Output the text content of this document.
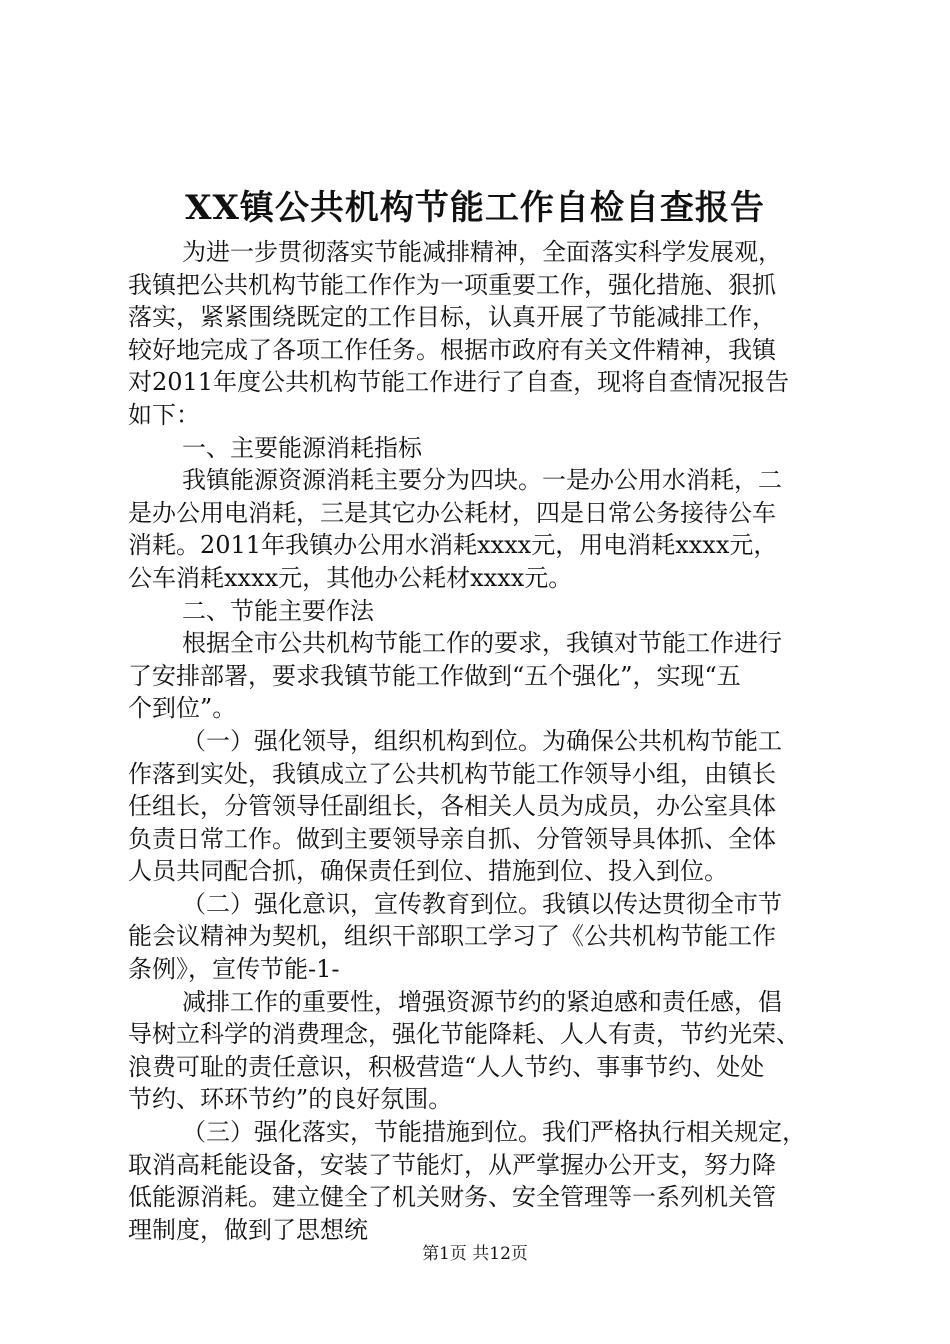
XX镇公共机构节能工作自检自查报告

为进一步贯彻落实节能减排精神，全面落实科学发展观，

我镇把公共机构节能工作作为一项重要工作，强化措施、狠抓

落实，紧紧围绕既定的工作目标，认真开展了节能减排工作，

较好地完成了各项工作任务。根据市政府有关文件精神，我镇

对2011年度公共机构节能工作进行了自查，现将自查情况报告

如下：

一、主要能源消耗指标

我镇能源资源消耗主要分为四块。一是办公用水消耗，二

是办公用电消耗，三是其它办公耗材，四是日常公务接待公车

消耗。2011年我镇办公用水消耗xxxx元，用电消耗xxxx元，

公车消耗xxxx元，其他办公耗材xxxx元。

二、节能主要作法

根据全市公共机构节能工作的要求，我镇对节能工作进行

了安排部署，要求我镇节能工作做到“五个强化”，实现“五

个到位”。

（一）强化领导，组织机构到位。为确保公共机构节能工

作落到实处，我镇成立了公共机构节能工作领导小组，由镇长

任组长，分管领导任副组长，各相关人员为成员，办公室具体

负责日常工作。做到主要领导亲自抓、分管领导具体抓、全体

人员共同配合抓，确保责任到位、措施到位、投入到位。

（二）强化意识，宣传教育到位。我镇以传达贯彻全市节

能会议精神为契机，组织干部职工学习了《公共机构节能工作

条例》，宣传节能-1-

减排工作的重要性，增强资源节约的紧迫感和责任感，倡

导树立科学的消费理念，强化节能降耗、人人有责，节约光荣、

浪费可耻的责任意识，积极营造“人人节约、事事节约、处处

节约、环环节约”的良好氛围。

（三）强化落实，节能措施到位。我们严格执行相关规定，

取消高耗能设备，安装了节能灯，从严掌握办公开支，努力降

低能源消耗。建立健全了机关财务、安全管理等一系列机关管

理制度，做到了思想统

第1页 共12页
